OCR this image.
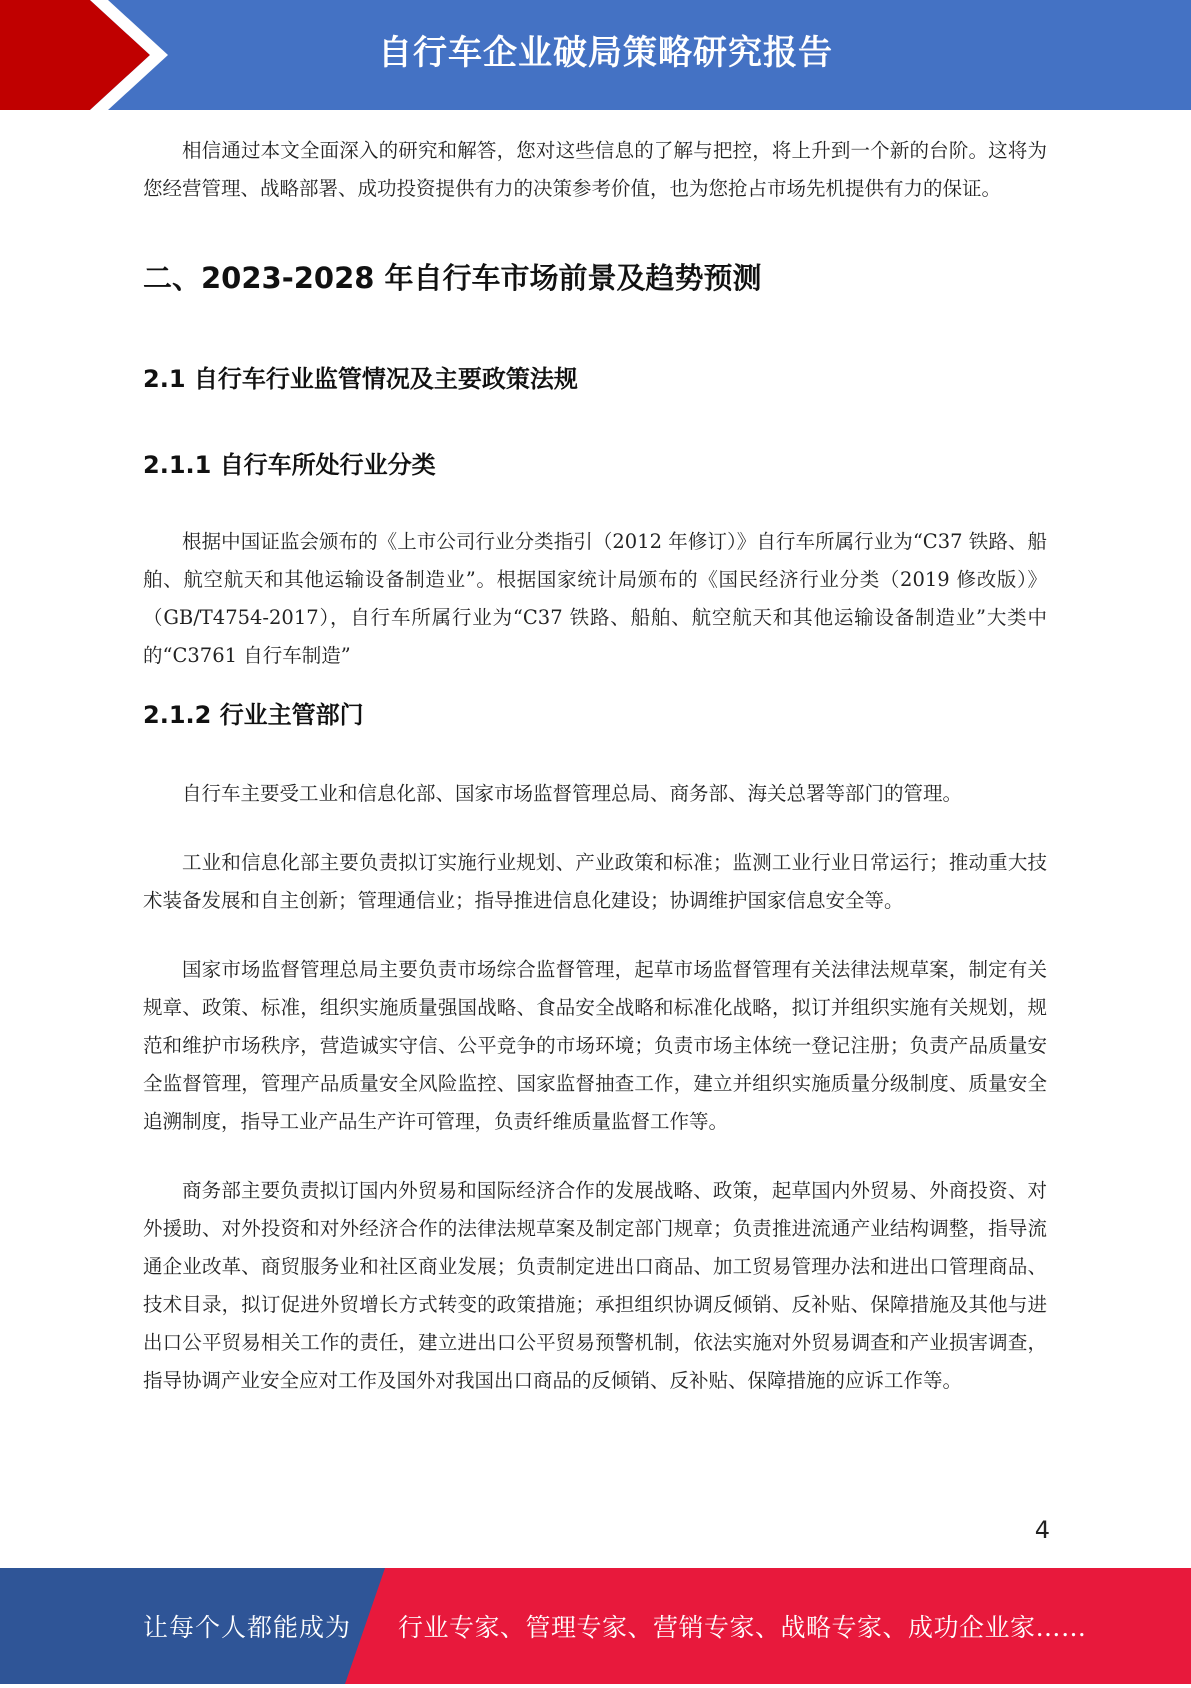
自行车企业破局策略研究报告

相信通过本文全面深入的研究和解答，您对这些信息的了解与把控，将上升到一个新的台阶。这将为您经营管理、战略部署、成功投资提供有力的决策参考价值，也为您抢占市场先机提供有力的保证。

二、2023-2028 年自行车市场前景及趋势预测
2.1 自行车行业监管情况及主要政策法规
2.1.1 自行车所处行业分类

根据中国证监会颁布的《上市公司行业分类指引（2012 年修订）》自行车所属行业为“C37 铁路、船舶、航空航天和其他运输设备制造业”。根据国家统计局颁布的《国民经济行业分类（2019 修改版）》（GB/T4754-2017），自行车所属行业为“C37 铁路、船舶、航空航天和其他运输设备制造业”大类中的“C3761 自行车制造”

2.1.2 行业主管部门

自行车主要受工业和信息化部、国家市场监督管理总局、商务部、海关总署等部门的管理。

工业和信息化部主要负责拟订实施行业规划、产业政策和标准；监测工业行业日常运行；推动重大技术装备发展和自主创新；管理通信业；指导推进信息化建设；协调维护国家信息安全等。

国家市场监督管理总局主要负责市场综合监督管理，起草市场监督管理有关法律法规草案，制定有关规章、政策、标准，组织实施质量强国战略、食品安全战略和标准化战略，拟订并组织实施有关规划，规范和维护市场秩序，营造诚实守信、公平竞争的市场环境；负责市场主体统一登记注册；负责产品质量安全监督管理，管理产品质量安全风险监控、国家监督抽查工作，建立并组织实施质量分级制度、质量安全追溯制度，指导工业产品生产许可管理，负责纤维质量监督工作等。

商务部主要负责拟订国内外贸易和国际经济合作的发展战略、政策，起草国内外贸易、外商投资、对外援助、对外投资和对外经济合作的法律法规草案及制定部门规章；负责推进流通产业结构调整，指导流通企业改革、商贸服务业和社区商业发展；负责制定进出口商品、加工贸易管理办法和进出口管理商品、技术目录，拟订促进外贸增长方式转变的政策措施；承担组织协调反倾销、反补贴、保障措施及其他与进出口公平贸易相关工作的责任，建立进出口公平贸易预警机制，依法实施对外贸易调查和产业损害调查，指导协调产业安全应对工作及国外对我国出口商品的反倾销、反补贴、保障措施的应诉工作等。

4
让每个人都能成为 行业专家、管理专家、营销专家、战略专家、成功企业家……
